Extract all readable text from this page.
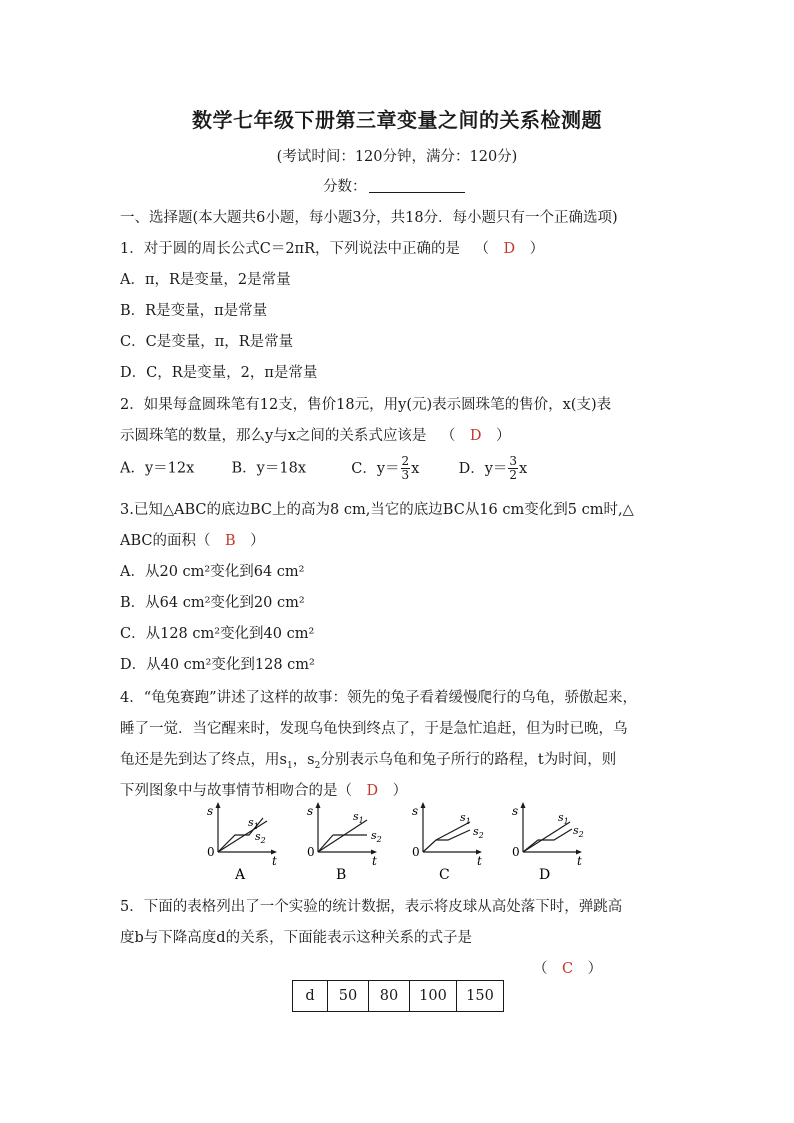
数学七年级下册第三章变量之间的关系检测题
(考试时间：120分钟，满分：120分)
分数：
一、选择题(本大题共6小题，每小题3分，共18分．每小题只有一个正确选项)
1．对于圆的周长公式C＝2πR，下列说法中正确的是　（　D　）
A．π，R是变量，2是常量
B．R是变量，π是常量
C．C是变量，π，R是常量
D．C，R是变量，2，π是常量
2．如果每盒圆珠笔有12支，售价18元，用y(元)表示圆珠笔的售价，x(支)表
示圆珠笔的数量，那么y与x之间的关系式应该是　（　D　）
A．y＝12x	B．y＝18x	C．$y= \frac{2}{3}$ x	D．$y= \frac{3}{2}$ x
3.已知△ABC的底边BC上的高为8 cm,当它的底边BC从16 cm变化到5 cm时,△
ABC的面积（　B　）
A．从20 cm²变化到64 cm²
B．从64 cm²变化到20 cm²
C．从128 cm²变化到40 cm²
D．从40 cm²变化到128 cm²
4．“龟兔赛跑”讲述了这样的故事：领先的兔子看着缓慢爬行的乌龟，骄傲起来，
睡了一觉．当它醒来时，发现乌龟快到终点了，于是急忙追赶，但为时已晚，乌
龟还是先到达了终点，用$s_1$，$s_2$分别表示乌龟和兔子所行的路程，t为时间，则
下列图象中与故事情节相吻合的是（　D　）
s
0
t
$s_1$
$s_2$
A
s
0
t
$s_1$
$s_2$
B
s
0
t
$s_1$
$s_2$
C
s
0
t
$s_1$
$s_2$
D
5．下面的表格列出了一个实验的统计数据，表示将皮球从高处落下时，弹跳高
度b与下降高度d的关系，下面能表示这种关系的式子是
（　C　）
d	50	80	100	150
